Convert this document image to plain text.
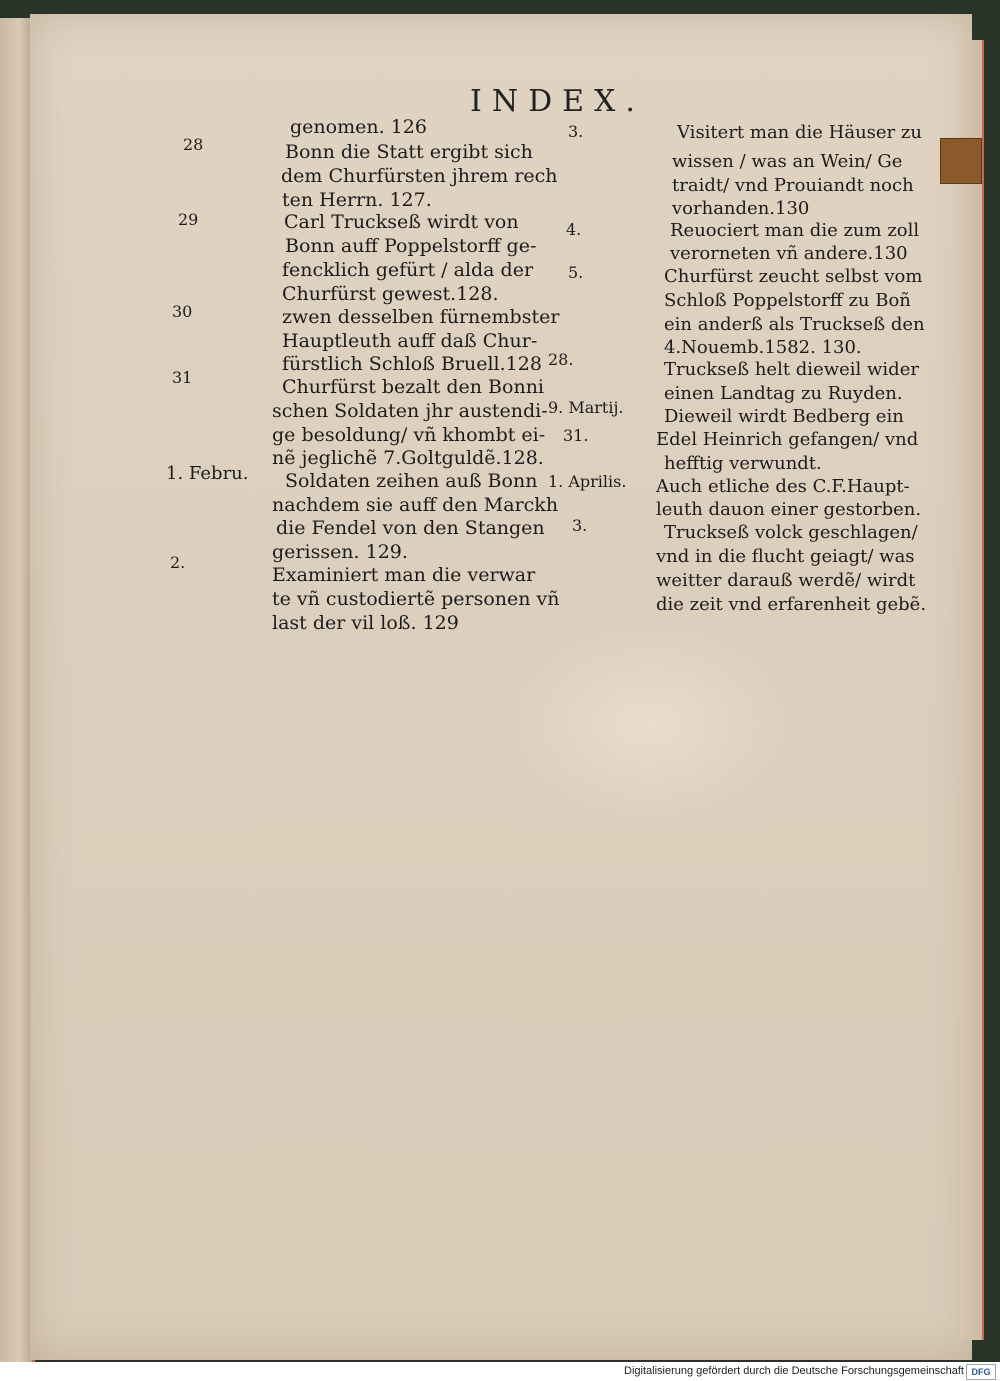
INDEX.
28
29
30
31
1. Febru.
2.
3.
4.
5.
28.
9. Martij.
31.
1. Aprilis.
3.
genomen. 126
Bonn die Statt ergibt sich
dem Churfürsten jhrem rech
ten Herrn. 127.
Carl Truckseß wirdt von
Bonn auff Poppelstorff ge-
fencklich gefürt / alda der
Churfürst gewest.128.
zwen desselben fürnembster
Hauptleuth auff daß Chur-
fürstlich Schloß Bruell.128
Churfürst bezalt den Bonni
schen Soldaten jhr austendi-
ge besoldung/ vñ khombt ei-
nẽ jeglichẽ 7.Goltguldẽ.128.
Soldaten zeihen auß Bonn
nachdem sie auff den Marckh
die Fendel von den Stangen
gerissen. 129.
Examiniert man die verwar
te vñ custodiertẽ personen vñ
last der vil loß. 129
Visitert man die Häuser zu
wissen / was an Wein/ Ge
traidt/ vnd Prouiandt noch
vorhanden.130
Reuociert man die zum zoll
verorneten vñ andere.130
Churfürst zeucht selbst vom
Schloß Poppelstorff zu Boñ
ein anderß als Truckseß den
4.Nouemb.1582. 130.
Truckseß helt dieweil wider
einen Landtag zu Ruyden.
Dieweil wirdt Bedberg ein
Edel Heinrich gefangen/ vnd
hefftig verwundt.
Auch etliche des C.F.Haupt-
leuth dauon einer gestorben.
Truckseß volck geschlagen/
vnd in die flucht geiagt/ was
weitter darauß werdẽ/ wirdt
die zeit vnd erfarenheit gebẽ.
Digitalisierung gefördert durch die Deutsche Forschungsgemeinschaft DFG
